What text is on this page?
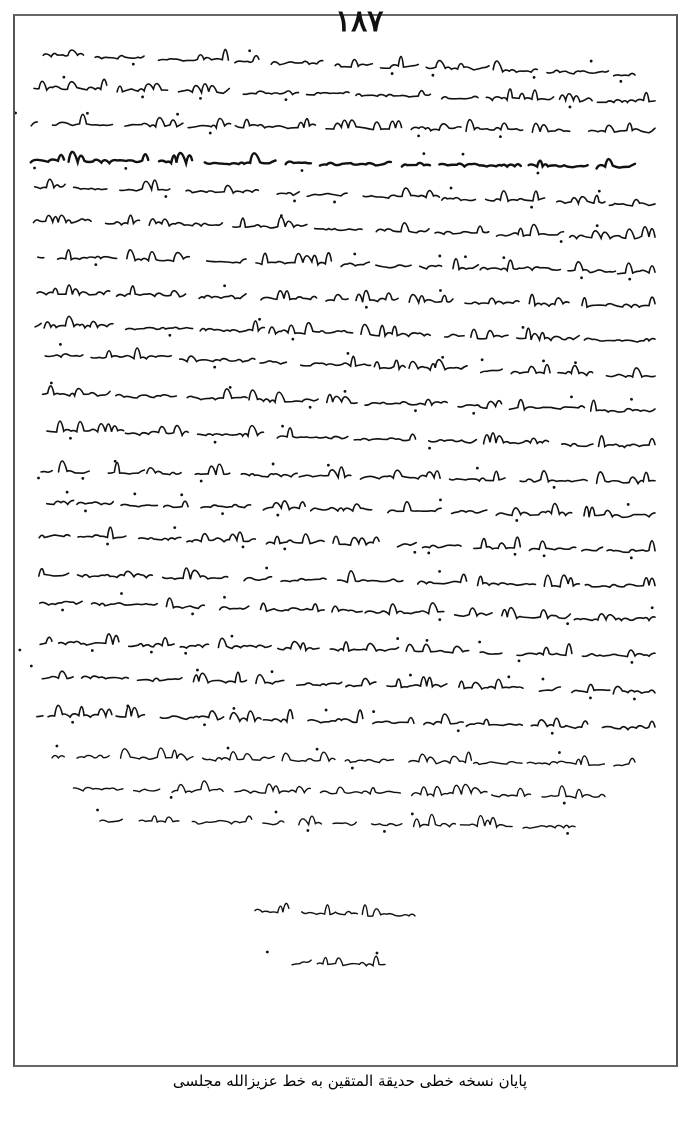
۱۸۷
پایان نسخه خطی حدیقة المتقین به خط عزیزالله مجلسی
